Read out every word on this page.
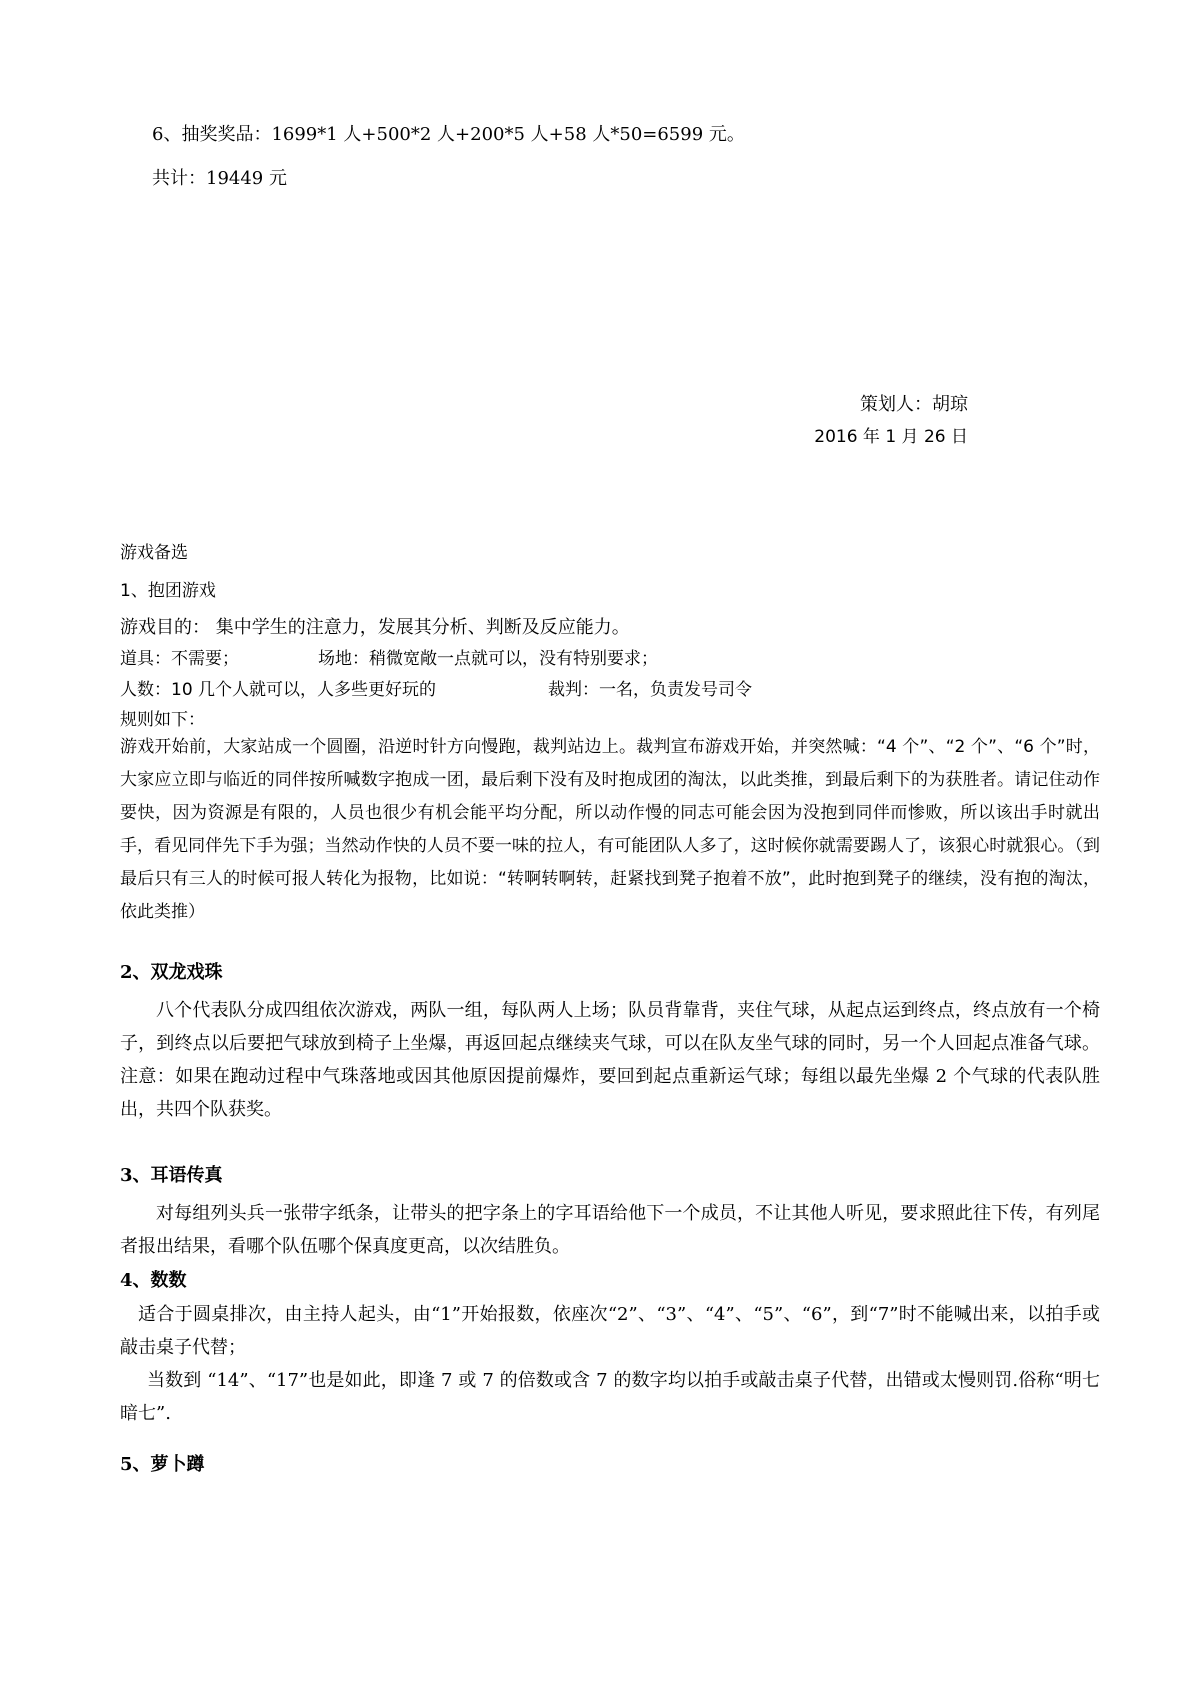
6、抽奖奖品：1699*1 人+500*2 人+200*5 人+58 人*50=6599 元。
共计：19449 元
策划人：胡琼
2016 年 1 月 26 日
游戏备选
1、抱团游戏
游戏目的： 集中学生的注意力，发展其分析、判断及反应能力。
道具：不需要；	场地：稍微宽敞一点就可以，没有特别要求；
人数：10 几个人就可以，人多些更好玩的	裁判：一名，负责发号司令
规则如下：
游戏开始前，大家站成一个圆圈，沿逆时针方向慢跑，裁判站边上。裁判宣布游戏开始，并突然喊：“4 个”、“2 个”、“6 个”时，大家应立即与临近的同伴按所喊数字抱成一团，最后剩下没有及时抱成团的淘汰，以此类推，到最后剩下的为获胜者。请记住动作要快，因为资源是有限的，人员也很少有机会能平均分配，所以动作慢的同志可能会因为没抱到同伴而惨败，所以该出手时就出手，看见同伴先下手为强；当然动作快的人员不要一味的拉人，有可能团队人多了，这时候你就需要踢人了，该狠心时就狠心。（到最后只有三人的时候可报人转化为报物，比如说：“转啊转啊转，赶紧找到凳子抱着不放”，此时抱到凳子的继续，没有抱的淘汰，依此类推）
2、双龙戏珠
八个代表队分成四组依次游戏，两队一组，每队两人上场；队员背靠背，夹住气球，从起点运到终点，终点放有一个椅子，到终点以后要把气球放到椅子上坐爆，再返回起点继续夹气球，可以在队友坐气球的同时，另一个人回起点准备气球。注意：如果在跑动过程中气珠落地或因其他原因提前爆炸，要回到起点重新运气球；每组以最先坐爆 2 个气球的代表队胜出，共四个队获奖。
3、耳语传真
对每组列头兵一张带字纸条，让带头的把字条上的字耳语给他下一个成员，不让其他人听见，要求照此往下传，有列尾者报出结果，看哪个队伍哪个保真度更高，以次结胜负。
4、数数
适合于圆桌排次，由主持人起头，由“1”开始报数，依座次“2”、“3”、“4”、“5”、“6”，到“7”时不能喊出来，以拍手或敲击桌子代替；
当数到 “14”、“17”也是如此，即逢 7 或 7 的倍数或含 7 的数字均以拍手或敲击桌子代替，出错或太慢则罚.俗称“明七暗七”.
5、萝卜蹲
